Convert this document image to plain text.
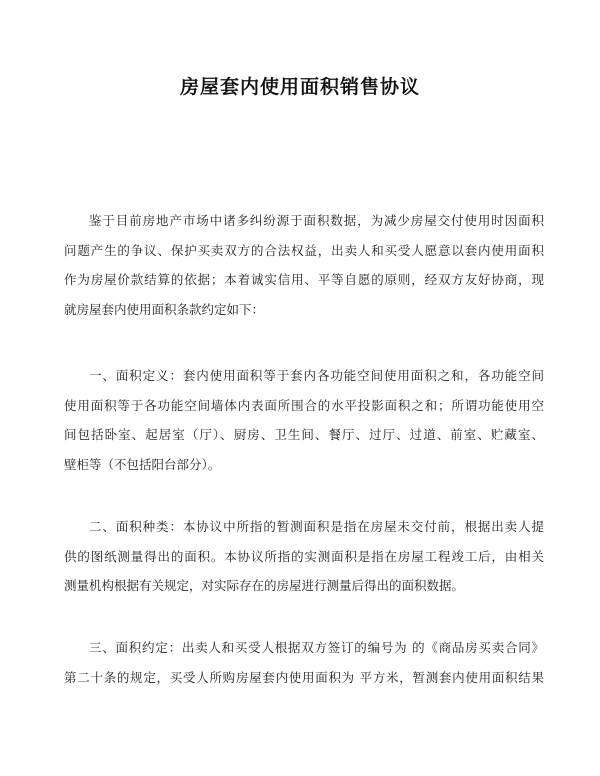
房屋套内使用面积销售协议
鉴于目前房地产市场中诸多纠纷源于面积数据，为减少房屋交付使用时因面积
问题产生的争议、保护买卖双方的合法权益，出卖人和买受人愿意以套内使用面积
作为房屋价款结算的依据；本着诚实信用、平等自愿的原则，经双方友好协商，现
就房屋套内使用面积条款约定如下：
一、面积定义：套内使用面积等于套内各功能空间使用面积之和，各功能空间
使用面积等于各功能空间墙体内表面所围合的水平投影面积之和；所谓功能使用空
间包括卧室、起居室（厅）、厨房、卫生间、餐厅、过厅、过道、前室、贮藏室、
壁柜等（不包括阳台部分）。
二、面积种类：本协议中所指的暂测面积是指在房屋未交付前，根据出卖人提
供的图纸测量得出的面积。本协议所指的实测面积是指在房屋工程竣工后，由相关
测量机构根据有关规定，对实际存在的房屋进行测量后得出的面积数据。
三、面积约定：出卖人和买受人根据双方签订的编号为 的《商品房买卖合同》
第二十条的规定，买受人所购房屋套内使用面积为 平方米，暂测套内使用面积结果
